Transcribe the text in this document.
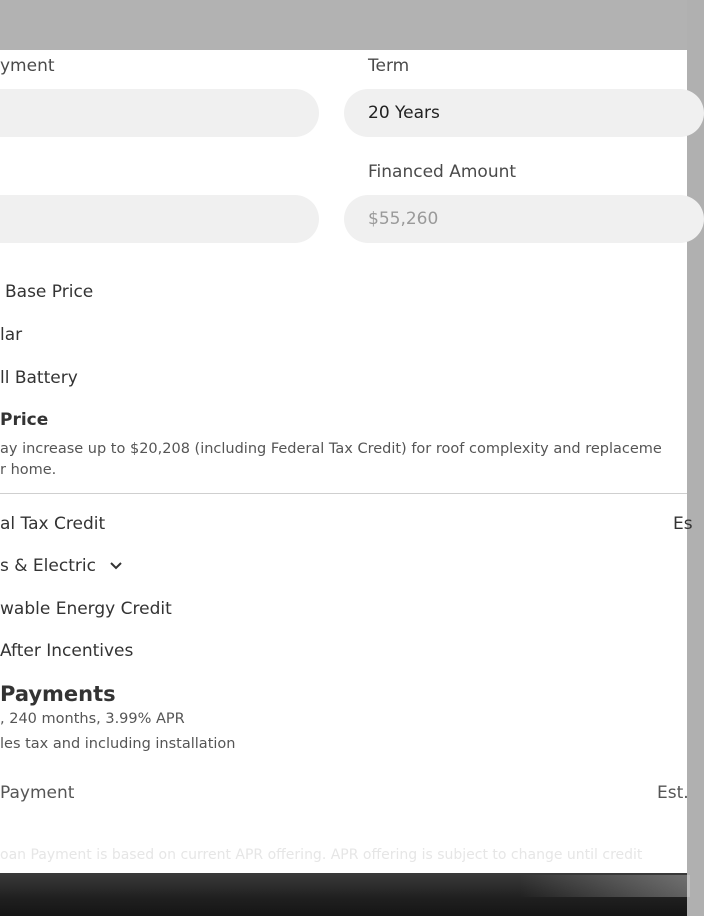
yment	Term
20 Years
Financed Amount
$55,260
Base Price
lar
ll Battery
Price
ay increase up to $20,208 (including Federal Tax Credit) for roof complexity and replaceme
r home.
al Tax Credit	Es
s & Electric
wable Energy Credit
After Incentives
Payments
, 240 months, 3.99% APR
les tax and including installation
Payment	Est.
oan Payment is based on current APR offering. APR offering is subject to change until credit
